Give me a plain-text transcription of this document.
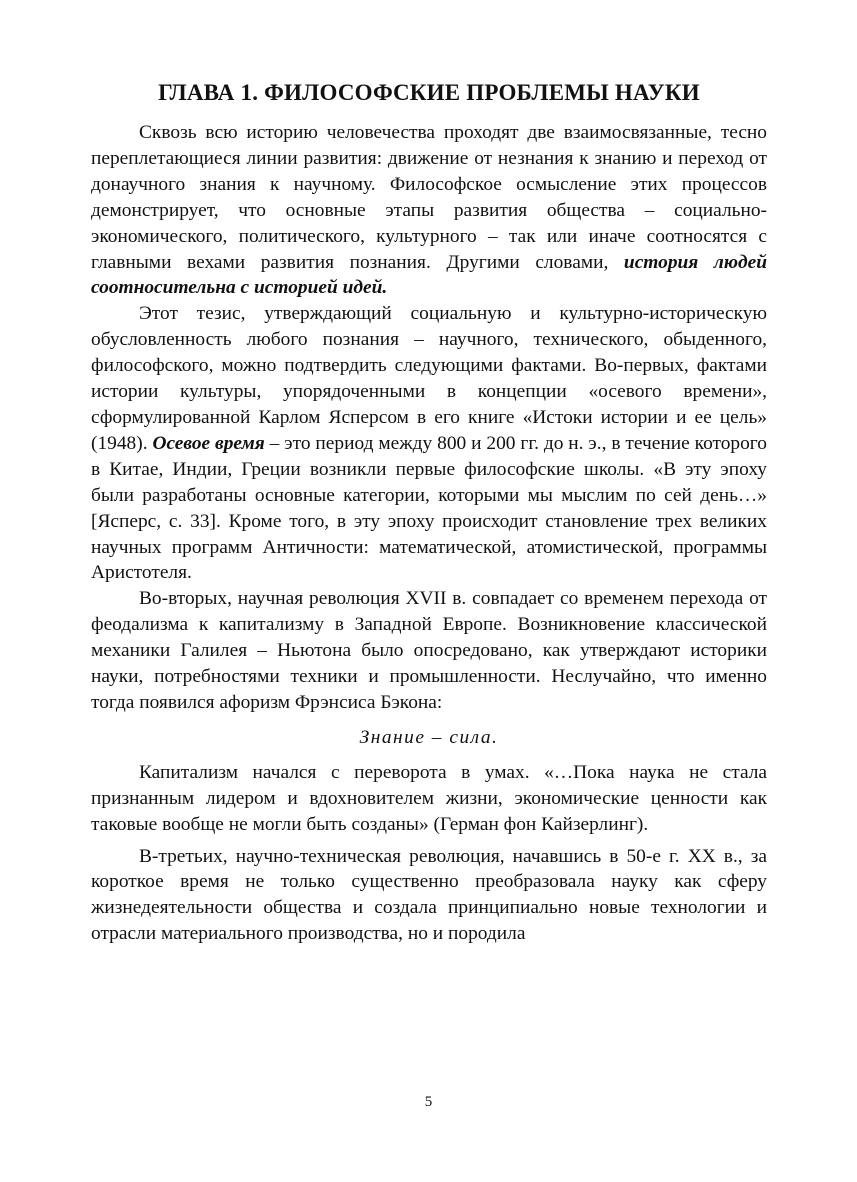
ГЛАВА 1. ФИЛОСОФСКИЕ ПРОБЛЕМЫ НАУКИ

Сквозь всю историю человечества проходят две взаимосвязанные, тесно переплетающиеся линии развития: движение от незнания к знанию и переход от донаучного знания к научному. Философское осмысление этих процессов демонстрирует, что основные этапы развития общества – социально-экономического, политического, культурного – так или иначе соотносятся с главными вехами развития познания. Другими словами, история людей соотносительна с историей идей.

Этот тезис, утверждающий социальную и культурно-историческую обусловленность любого познания – научного, технического, обыденного, философского, можно подтвердить следующими фактами. Во-первых, фактами истории культуры, упорядоченными в концепции «осевого времени», сформулированной Карлом Ясперсом в его книге «Истоки истории и ее цель» (1948). Осевое время – это период между 800 и 200 гг. до н. э., в течение которого в Китае, Индии, Греции возникли первые философские школы. «В эту эпоху были разработаны основные категории, которыми мы мыслим по сей день…» [Ясперс, с. 33]. Кроме того, в эту эпоху происходит становление трех великих научных программ Античности: математической, атомистической, программы Аристотеля.

Во-вторых, научная революция XVII в. совпадает со временем перехода от феодализма к капитализму в Западной Европе. Возникновение классической механики Галилея – Ньютона было опосредовано, как утверждают историки науки, потребностями техники и промышленности. Неслучайно, что именно тогда появился афоризм Фрэнсиса Бэкона:

Знание – сила.

Капитализм начался с переворота в умах. «…Пока наука не стала признанным лидером и вдохновителем жизни, экономические ценности как таковые вообще не могли быть созданы» (Герман фон Кайзерлинг).

В-третьих, научно-техническая революция, начавшись в 50-е г. XX в., за короткое время не только существенно преобразовала науку как сферу жизнедеятельности общества и создала принципиально новые технологии и отрасли материального производства, но и породила

5
